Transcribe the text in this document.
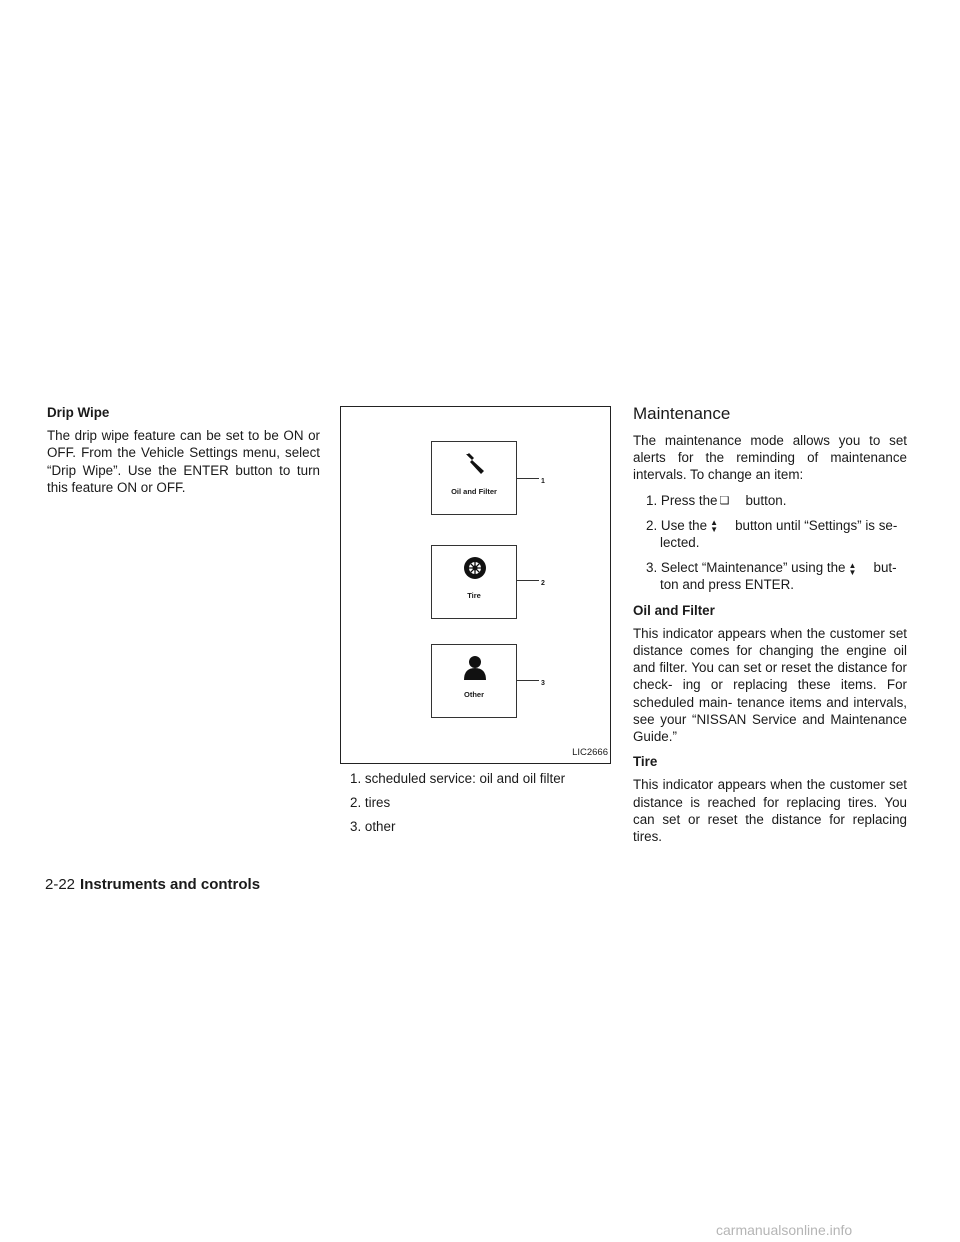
Drip Wipe

The drip wipe feature can be set to be ON or OFF. From the Vehicle Settings menu, select “Drip Wipe”. Use the ENTER button to turn this feature ON or OFF.	Oil and Filter
1
Tire
2
Other
3
LIC2666
1. scheduled service: oil and oil filter
2. tires
3. other
Maintenance

The maintenance mode allows you to set alerts for the reminding of maintenance intervals. To change an item:

1. Press the ❏ button.
2. Use the ▲
▼	button until “Settings” is se- lected.
3. Select “Maintenance” using the ▲
▼	but- ton and press ENTER.
Oil and Filter

This indicator appears when the customer set distance comes for changing the engine oil and filter. You can set or reset the distance for check- ing or replacing these items. For scheduled main- tenance items and intervals, see your “NISSAN Service and Maintenance Guide.”

Tire

This indicator appears when the customer set distance is reached for replacing tires. You can set or reset the distance for replacing tires.

2-22 Instruments and controls
carmanualsonline.info
